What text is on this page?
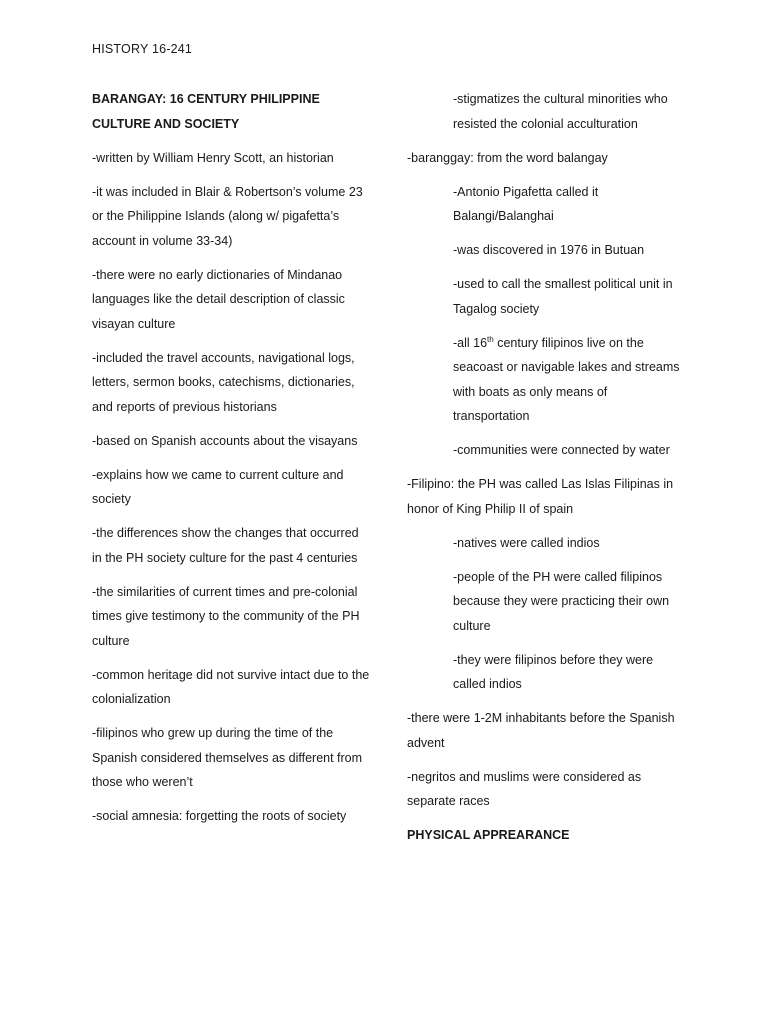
HISTORY 16-241

BARANGAY: 16 CENTURY PHILIPPINE CULTURE AND SOCIETY

-written by William Henry Scott, an historian

-it was included in Blair & Robertson’s volume 23 or the Philippine Islands (along w/ pigafetta’s account in volume 33-34)

-there were no early dictionaries of Mindanao languages like the detail description of classic visayan culture

-included the travel accounts, navigational logs, letters, sermon books, catechisms, dictionaries, and reports of previous historians

-based on Spanish accounts about the visayans

-explains how we came to current culture and society

-the differences show the changes that occurred in the PH society culture for the past 4 centuries

-the similarities of current times and pre-colonial times give testimony to the community of the PH culture

-common heritage did not survive intact due to the colonialization

-filipinos who grew up during the time of the Spanish considered themselves as different from those who weren’t

-social amnesia: forgetting the roots of society

-stigmatizes the cultural minorities who resisted the colonial acculturation

-baranggay: from the word balangay

-Antonio Pigafetta called it Balangi/Balanghai

-was discovered in 1976 in Butuan

-used to call the smallest political unit in Tagalog society

-all 16th century filipinos live on the seacoast or navigable lakes and streams with boats as only means of transportation

-communities were connected by water

-Filipino: the PH was called Las Islas Filipinas in honor of King Philip II of spain

-natives were called indios

-people of the PH were called filipinos because they were practicing their own culture

-they were filipinos before they were called indios

-there were 1-2M inhabitants before the Spanish advent

-negritos and muslims were considered as separate races

PHYSICAL APPREARANCE
